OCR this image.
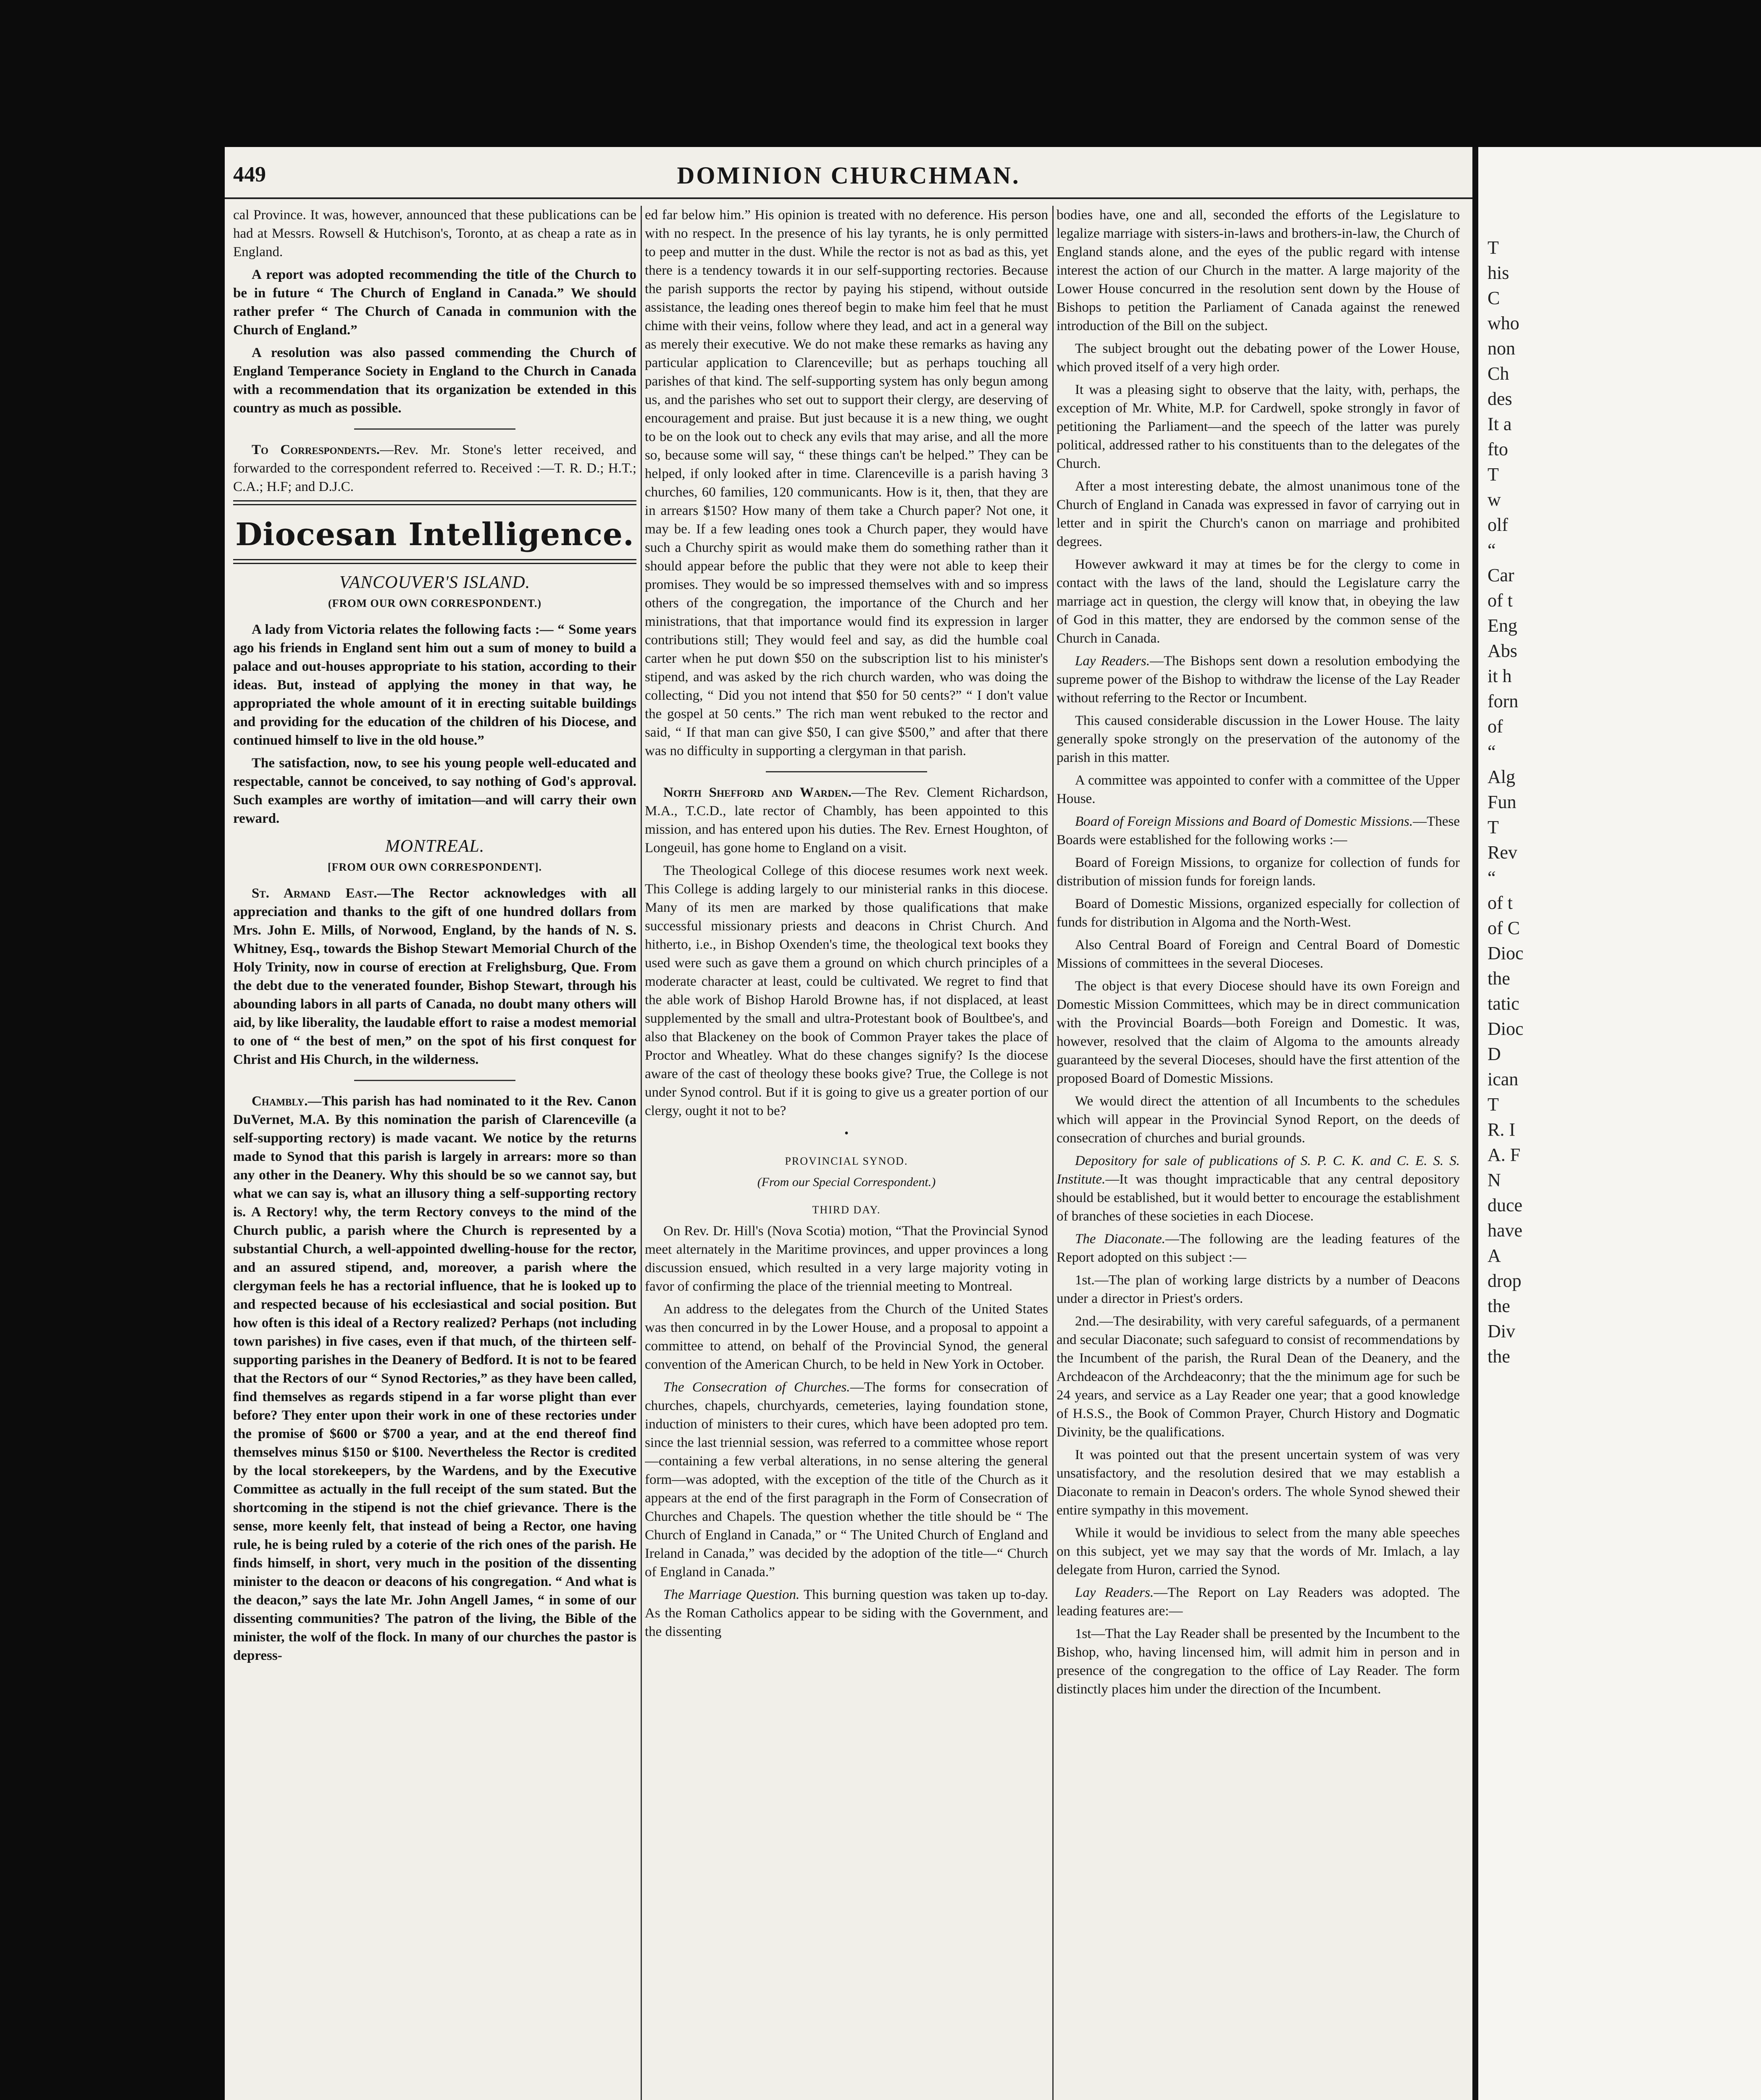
449	DOMINION CHURCHMAN.

cal Province. It was, however, announced that these publications can be had at Messrs. Rowsell & Hutchison's, Toronto, at as cheap a rate as in England.

A report was adopted recommending the title of the Church to be in future “ The Church of England in Canada.” We should rather prefer “ The Church of Canada in communion with the Church of England.”

A resolution was also passed commending the Church of England Temperance Society in England to the Church in Canada with a recommendation that its organization be extended in this country as much as possible.

To Correspondents.—Rev. Mr. Stone's letter received, and forwarded to the correspondent referred to. Received :—T. R. D.; H.T.; C.A.; H.F; and D.J.C.

Diocesan Intelligence.
VANCOUVER'S ISLAND.
(FROM OUR OWN CORRESPONDENT.)

A lady from Victoria relates the following facts :— “ Some years ago his friends in England sent him out a sum of money to build a palace and out-houses appropriate to his station, according to their ideas. But, instead of applying the money in that way, he appropriated the whole amount of it in erecting suitable buildings and providing for the education of the children of his Diocese, and continued himself to live in the old house.”

The satisfaction, now, to see his young people well-educated and respectable, cannot be conceived, to say nothing of God's approval. Such examples are worthy of imitation—and will carry their own reward.

MONTREAL.
[FROM OUR OWN CORRESPONDENT].

St. Armand East.—The Rector acknowledges with all appreciation and thanks to the gift of one hundred dollars from Mrs. John E. Mills, of Norwood, England, by the hands of N. S. Whitney, Esq., towards the Bishop Stewart Memorial Church of the Holy Trinity, now in course of erection at Frelighsburg, Que. From the debt due to the venerated founder, Bishop Stewart, through his abounding labors in all parts of Canada, no doubt many others will aid, by like liberality, the laudable effort to raise a modest memorial to one of “ the best of men,” on the spot of his first conquest for Christ and His Church, in the wilderness.

Chambly.—This parish has had nominated to it the Rev. Canon DuVernet, M.A. By this nomination the parish of Clarenceville (a self-supporting rectory) is made vacant. We notice by the returns made to Synod that this parish is largely in arrears: more so than any other in the Deanery. Why this should be so we cannot say, but what we can say is, what an illusory thing a self-supporting rectory is. A Rectory! why, the term Rectory conveys to the mind of the Church public, a parish where the Church is represented by a substantial Church, a well-appointed dwelling-house for the rector, and an assured stipend, and, moreover, a parish where the clergyman feels he has a rectorial influence, that he is looked up to and respected because of his ecclesiastical and social position. But how often is this ideal of a Rectory realized? Perhaps (not including town parishes) in five cases, even if that much, of the thirteen self-supporting parishes in the Deanery of Bedford. It is not to be feared that the Rectors of our “ Synod Rectories,” as they have been called, find themselves as regards stipend in a far worse plight than ever before? They enter upon their work in one of these rectories under the promise of $600 or $700 a year, and at the end thereof find themselves minus $150 or $100. Nevertheless the Rector is credited by the local storekeepers, by the Wardens, and by the Executive Committee as actually in the full receipt of the sum stated. But the shortcoming in the stipend is not the chief grievance. There is the sense, more keenly felt, that instead of being a Rector, one having rule, he is being ruled by a coterie of the rich ones of the parish. He finds himself, in short, very much in the position of the dissenting minister to the deacon or deacons of his congregation. “ And what is the deacon,” says the late Mr. John Angell James, “ in some of our dissenting communities? The patron of the living, the Bible of the minister, the wolf of the flock. In many of our churches the pastor is depress-

ed far below him.” His opinion is treated with no deference. His person with no respect. In the presence of his lay tyrants, he is only permitted to peep and mutter in the dust. While the rector is not as bad as this, yet there is a tendency towards it in our self-supporting rectories. Because the parish supports the rector by paying his stipend, without outside assistance, the leading ones thereof begin to make him feel that he must chime with their veins, follow where they lead, and act in a general way as merely their executive. We do not make these remarks as having any particular application to Clarenceville; but as perhaps touching all parishes of that kind. The self-supporting system has only begun among us, and the parishes who set out to support their clergy, are deserving of encouragement and praise. But just because it is a new thing, we ought to be on the look out to check any evils that may arise, and all the more so, because some will say, “ these things can't be helped.” They can be helped, if only looked after in time. Clarenceville is a parish having 3 churches, 60 families, 120 communicants. How is it, then, that they are in arrears $150? How many of them take a Church paper? Not one, it may be. If a few leading ones took a Church paper, they would have such a Churchy spirit as would make them do something rather than it should appear before the public that they were not able to keep their promises. They would be so impressed themselves with and so impress others of the congregation, the importance of the Church and her ministrations, that that importance would find its expression in larger contributions still; They would feel and say, as did the humble coal carter when he put down $50 on the subscription list to his minister's stipend, and was asked by the rich church warden, who was doing the collecting, “ Did you not intend that $50 for 50 cents?” “ I don't value the gospel at 50 cents.” The rich man went rebuked to the rector and said, “ If that man can give $50, I can give $500,” and after that there was no difficulty in supporting a clergyman in that parish.

North Shefford and Warden.—The Rev. Clement Richardson, M.A., T.C.D., late rector of Chambly, has been appointed to this mission, and has entered upon his duties. The Rev. Ernest Houghton, of Longeuil, has gone home to England on a visit.

The Theological College of this diocese resumes work next week. This College is adding largely to our ministerial ranks in this diocese. Many of its men are marked by those qualifications that make successful missionary priests and deacons in Christ Church. And hitherto, i.e., in Bishop Oxenden's time, the theological text books they used were such as gave them a ground on which church principles of a moderate character at least, could be cultivated. We regret to find that the able work of Bishop Harold Browne has, if not displaced, at least supplemented by the small and ultra-Protestant book of Boultbee's, and also that Blackeney on the book of Common Prayer takes the place of Proctor and Wheatley. What do these changes signify? Is the diocese aware of the cast of theology these books give? True, the College is not under Synod control. But if it is going to give us a greater portion of our clergy, ought it not to be?

•
PROVINCIAL SYNOD.
(From our Special Correspondent.)
THIRD DAY.

On Rev. Dr. Hill's (Nova Scotia) motion, “That the Provincial Synod meet alternately in the Maritime provinces, and upper provinces a long discussion ensued, which resulted in a very large majority voting in favor of confirming the place of the triennial meeting to Montreal.

An address to the delegates from the Church of the United States was then concurred in by the Lower House, and a proposal to appoint a committee to attend, on behalf of the Provincial Synod, the general convention of the American Church, to be held in New York in October.

The Consecration of Churches.—The forms for consecration of churches, chapels, churchyards, cemeteries, laying foundation stone, induction of ministers to their cures, which have been adopted pro tem. since the last triennial session, was referred to a committee whose report—containing a few verbal alterations, in no sense altering the general form—was adopted, with the exception of the title of the Church as it appears at the end of the first paragraph in the Form of Consecration of Churches and Chapels. The question whether the title should be “ The Church of England in Canada,” or “ The United Church of England and Ireland in Canada,” was decided by the adoption of the title—“ Church of England in Canada.”

The Marriage Question. This burning question was taken up to-day. As the Roman Catholics appear to be siding with the Government, and the dissenting

bodies have, one and all, seconded the efforts of the Legislature to legalize marriage with sisters-in-laws and brothers-in-law, the Church of England stands alone, and the eyes of the public regard with intense interest the action of our Church in the matter. A large majority of the Lower House concurred in the resolution sent down by the House of Bishops to petition the Parliament of Canada against the renewed introduction of the Bill on the subject.

The subject brought out the debating power of the Lower House, which proved itself of a very high order.

It was a pleasing sight to observe that the laity, with, perhaps, the exception of Mr. White, M.P. for Cardwell, spoke strongly in favor of petitioning the Parliament—and the speech of the latter was purely political, addressed rather to his constituents than to the delegates of the Church.

After a most interesting debate, the almost unanimous tone of the Church of England in Canada was expressed in favor of carrying out in letter and in spirit the Church's canon on marriage and prohibited degrees.

However awkward it may at times be for the clergy to come in contact with the laws of the land, should the Legislature carry the marriage act in question, the clergy will know that, in obeying the law of God in this matter, they are endorsed by the common sense of the Church in Canada.

Lay Readers.—The Bishops sent down a resolution embodying the supreme power of the Bishop to withdraw the license of the Lay Reader without referring to the Rector or Incumbent.

This caused considerable discussion in the Lower House. The laity generally spoke strongly on the preservation of the autonomy of the parish in this matter.

A committee was appointed to confer with a committee of the Upper House.

Board of Foreign Missions and Board of Domestic Missions.—These Boards were established for the following works :—

Board of Foreign Missions, to organize for collection of funds for distribution of mission funds for foreign lands.

Board of Domestic Missions, organized especially for collection of funds for distribution in Algoma and the North-West.

Also Central Board of Foreign and Central Board of Domestic Missions of committees in the several Dioceses.

The object is that every Diocese should have its own Foreign and Domestic Mission Committees, which may be in direct communication with the Provincial Boards—both Foreign and Domestic. It was, however, resolved that the claim of Algoma to the amounts already guaranteed by the several Dioceses, should have the first attention of the proposed Board of Domestic Missions.

We would direct the attention of all Incumbents to the schedules which will appear in the Provincial Synod Report, on the deeds of consecration of churches and burial grounds.

Depository for sale of publications of S. P. C. K. and C. E. S. S. Institute.—It was thought impracticable that any central depository should be established, but it would better to encourage the establishment of branches of these societies in each Diocese.

The Diaconate.—The following are the leading features of the Report adopted on this subject :—

1st.—The plan of working large districts by a number of Deacons under a director in Priest's orders.

2nd.—The desirability, with very careful safeguards, of a permanent and secular Diaconate; such safeguard to consist of recommendations by the Incumbent of the parish, the Rural Dean of the Deanery, and the Archdeacon of the Archdeaconry; that the the minimum age for such be 24 years, and service as a Lay Reader one year; that a good knowledge of H.S.S., the Book of Common Prayer, Church History and Dogmatic Divinity, be the qualifications.

It was pointed out that the present uncertain system of was very unsatisfactory, and the resolution desired that we may establish a Diaconate to remain in Deacon's orders. The whole Synod shewed their entire sympathy in this movement.

While it would be invidious to select from the many able speeches on this subject, yet we may say that the words of Mr. Imlach, a lay delegate from Huron, carried the Synod.

Lay Readers.—The Report on Lay Readers was adopted. The leading features are:—

1st—That the Lay Reader shall be presented by the Incumbent to the Bishop, who, having lincensed him, will admit him in person and in presence of the congregation to the office of Lay Reader. The form distinctly places him under the direction of the Incumbent.

T
his
C
who
non
Ch
des
It a
fto
T
w
olf
“
Car
of t
Eng
Abs
it h
forn
of
“
Alg
Fun
T
Rev
“
of t
of C
Dioc
the
tatic
Dioc
D
ican
T
R. I
A. F
N
duce
have
A
drop
the
Div
the
